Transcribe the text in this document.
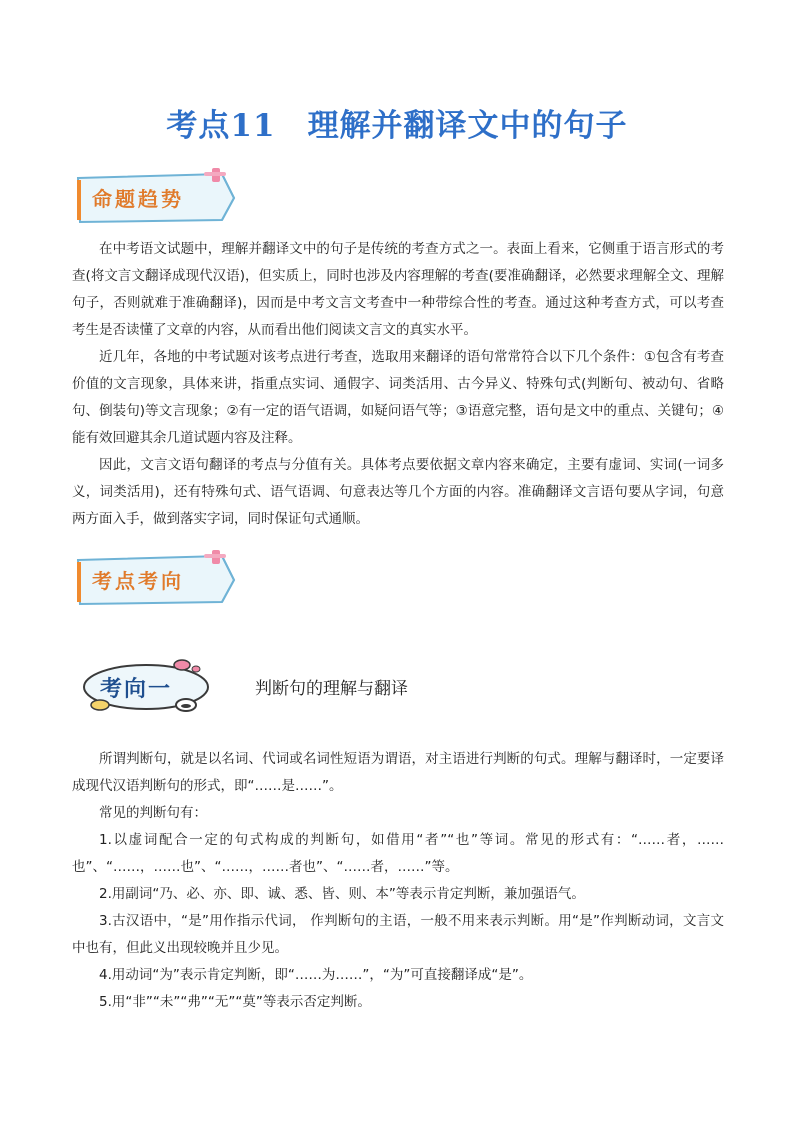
考点11 理解并翻译文中的句子
命题趋势

在中考语文试题中，理解并翻译文中的句子是传统的考查方式之一。表面上看来，它侧重于语言形式的考查(将文言文翻译成现代汉语)，但实质上，同时也涉及内容理解的考查(要准确翻译，必然要求理解全文、理解句子，否则就难于准确翻译)，因而是中考文言文考查中一种带综合性的考查。通过这种考查方式，可以考查考生是否读懂了文章的内容，从而看出他们阅读文言文的真实水平。

近几年，各地的中考试题对该考点进行考查，选取用来翻译的语句常常符合以下几个条件：①包含有考查价值的文言现象，具体来讲，指重点实词、通假字、词类活用、古今异义、特殊句式(判断句、被动句、省略句、倒装句)等文言现象；②有一定的语气语调，如疑问语气等；③语意完整，语句是文中的重点、关键句；④能有效回避其余几道试题内容及注释。

因此，文言文语句翻译的考点与分值有关。具体考点要依据文章内容来确定，主要有虚词、实词(一词多义，词类活用)，还有特殊句式、语气语调、句意表达等几个方面的内容。准确翻译文言语句要从字词，句意两方面入手，做到落实字词，同时保证句式通顺。

考点考向
考向一	判断句的理解与翻译

所谓判断句，就是以名词、代词或名词性短语为谓语，对主语进行判断的句式。理解与翻译时，一定要译成现代汉语判断句的形式，即“……是……”。

常见的判断句有：

1.以虚词配合一定的句式构成的判断句，如借用“者”“也”等词。常见的形式有：“……者，……也”、“……，……也”、“……，……者也”、“……者，……”等。

2.用副词“乃、必、亦、即、诚、悉、皆、则、本”等表示肯定判断，兼加强语气。

3.古汉语中，“是”用作指示代词， 作判断句的主语，一般不用来表示判断。用“是”作判断动词，文言文中也有，但此义出现较晚并且少见。

4.用动词“为”表示肯定判断，即“……为……”，“为”可直接翻译成“是”。

5.用“非”“未”“弗”“无”“莫”等表示否定判断。
